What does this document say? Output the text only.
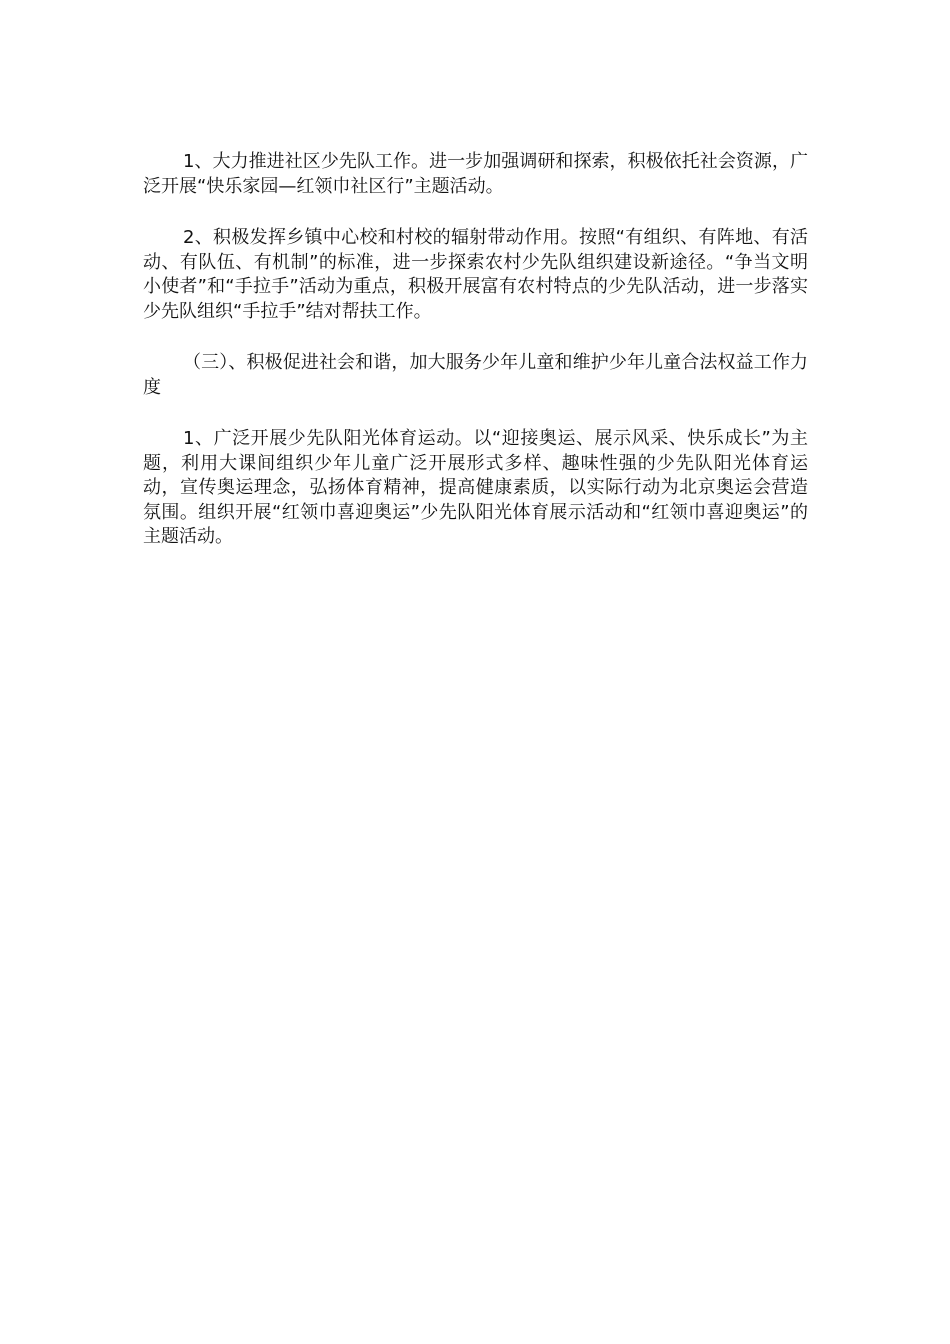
1、大力推进社区少先队工作。进一步加强调研和探索，积极依托社会资源，广泛开展“快乐家园—红领巾社区行”主题活动。

2、积极发挥乡镇中心校和村校的辐射带动作用。按照“有组织、有阵地、有活动、有队伍、有机制”的标准，进一步探索农村少先队组织建设新途径。“争当文明小使者”和“手拉手”活动为重点，积极开展富有农村特点的少先队活动，进一步落实少先队组织“手拉手”结对帮扶工作。

（三）、积极促进社会和谐，加大服务少年儿童和维护少年儿童合法权益工作力度

1、广泛开展少先队阳光体育运动。以“迎接奥运、展示风采、快乐成长”为主题，利用大课间组织少年儿童广泛开展形式多样、趣味性强的少先队阳光体育运动，宣传奥运理念，弘扬体育精神，提高健康素质，以实际行动为北京奥运会营造氛围。组织开展“红领巾喜迎奥运”少先队阳光体育展示活动和“红领巾喜迎奥运”的主题活动。
